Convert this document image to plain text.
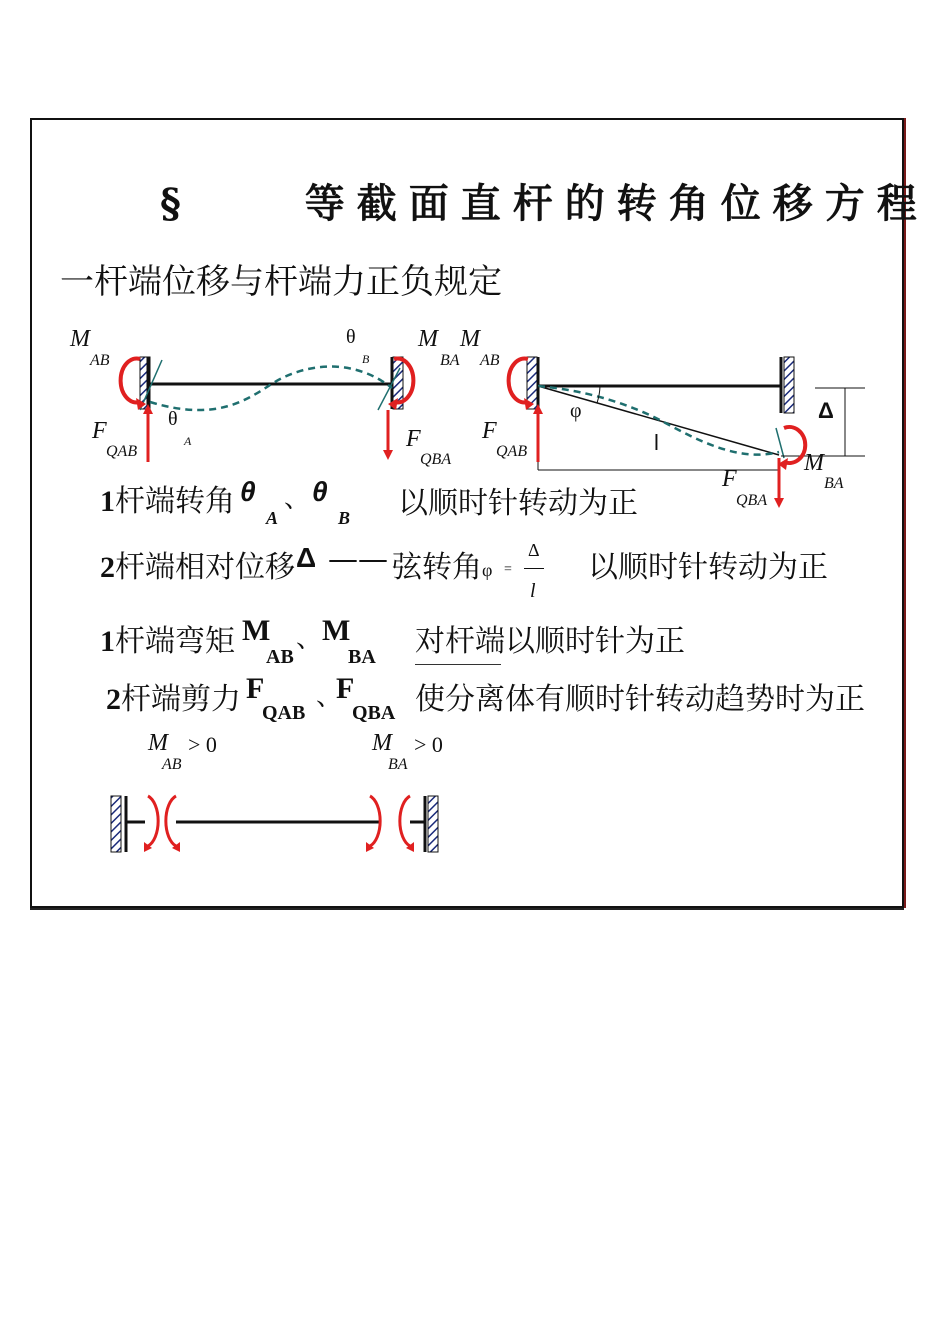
§	等截面直杆的转角位移方程
一杆端位移与杆端力正负规定
M
AB
θ
B
M
BA
M
AB
θ
A
F
QAB	F
QBA
F
QAB
φ
l
Δ
M
BA
F
QBA
1杆端转角 θ
A
、 θ
B 以顺时针转动为正
2杆端相对位移 Δ —— 弦转角 φ =
Δ
l
以顺时针转动为正
1杆端弯矩 M
AB
、 M
BA 对杆端 以顺时针为正
2杆端剪力 F
QAB
、
F
QBA 使分离体有顺时针转动趋势时为正
M
AB
> 0	M
BA
> 0
